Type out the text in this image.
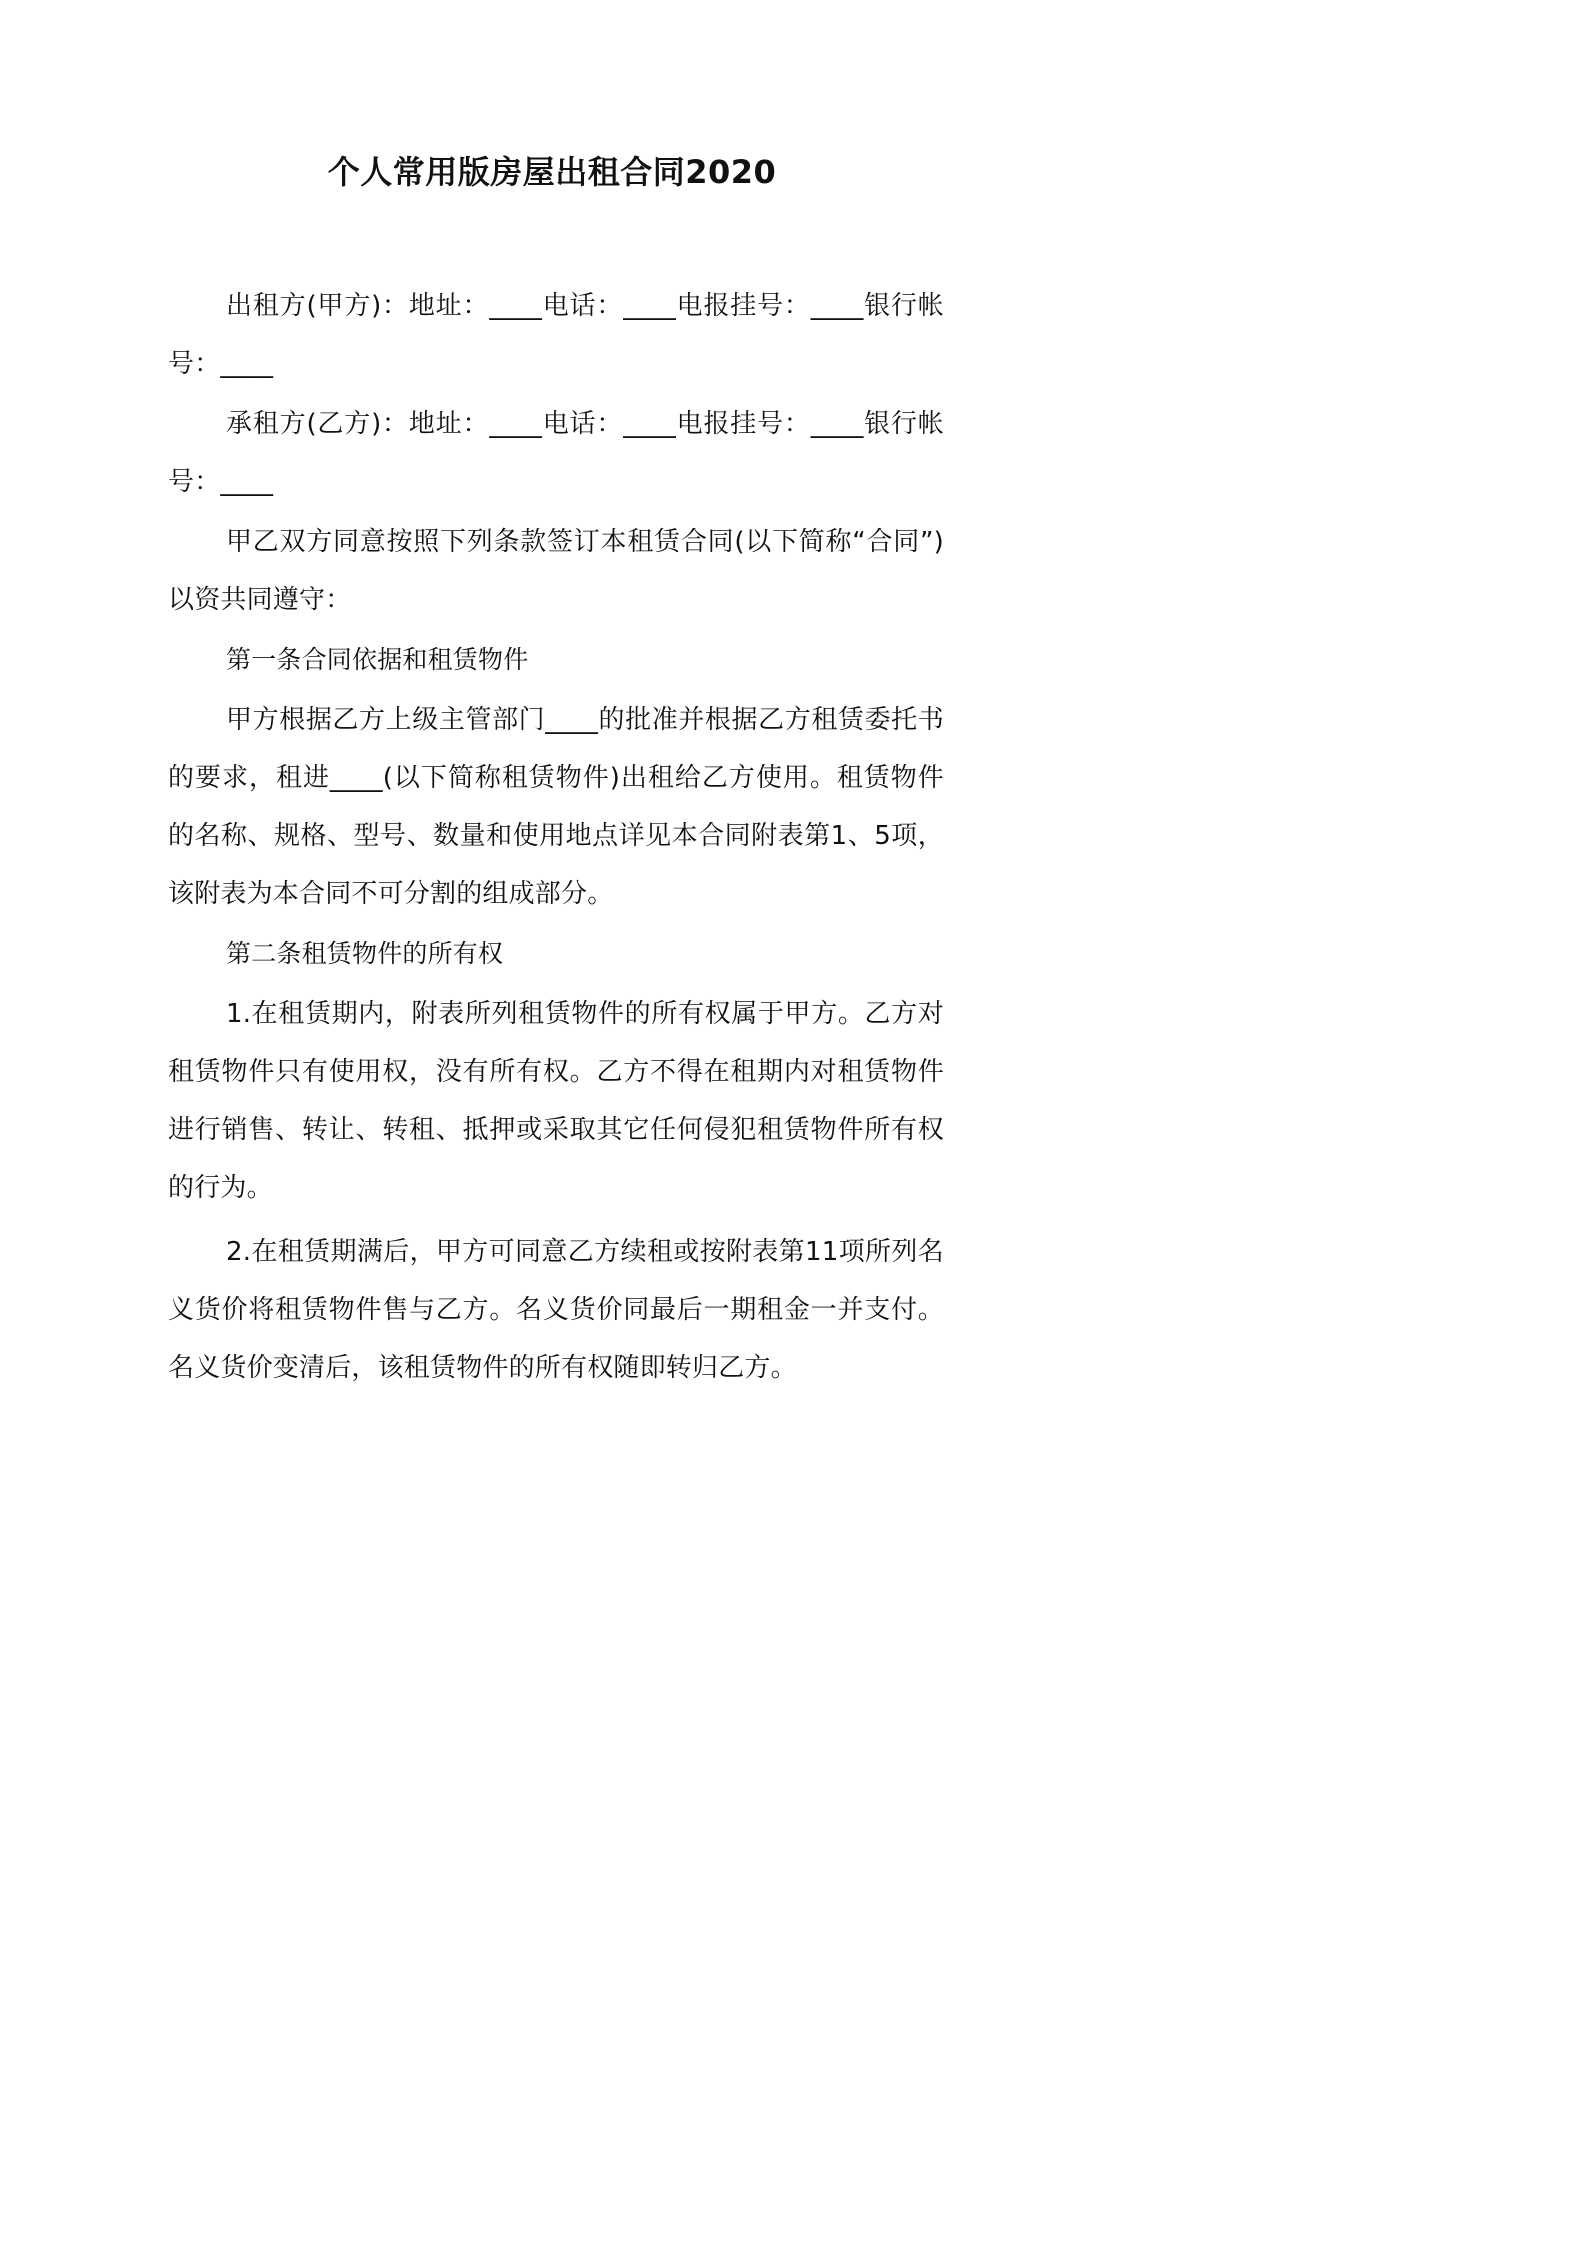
个人常用版房屋出租合同2020

出租方(甲方)：地址：____电话：____电报挂号：____银行帐号：____

承租方(乙方)：地址：____电话：____电报挂号：____银行帐号：____

甲乙双方同意按照下列条款签订本租赁合同(以下简称“合同”)以资共同遵守：

第一条合同依据和租赁物件

甲方根据乙方上级主管部门____的批准并根据乙方租赁委托书的要求，租进____(以下简称租赁物件)出租给乙方使用。租赁物件的名称、规格、型号、数量和使用地点详见本合同附表第1、5项，该附表为本合同不可分割的组成部分。

第二条租赁物件的所有权

1.在租赁期内，附表所列租赁物件的所有权属于甲方。乙方对租赁物件只有使用权，没有所有权。乙方不得在租期内对租赁物件进行销售、转让、转租、抵押或采取其它任何侵犯租赁物件所有权的行为。

2.在租赁期满后，甲方可同意乙方续租或按附表第11项所列名义货价将租赁物件售与乙方。名义货价同最后一期租金一并支付。名义货价变清后，该租赁物件的所有权随即转归乙方。
